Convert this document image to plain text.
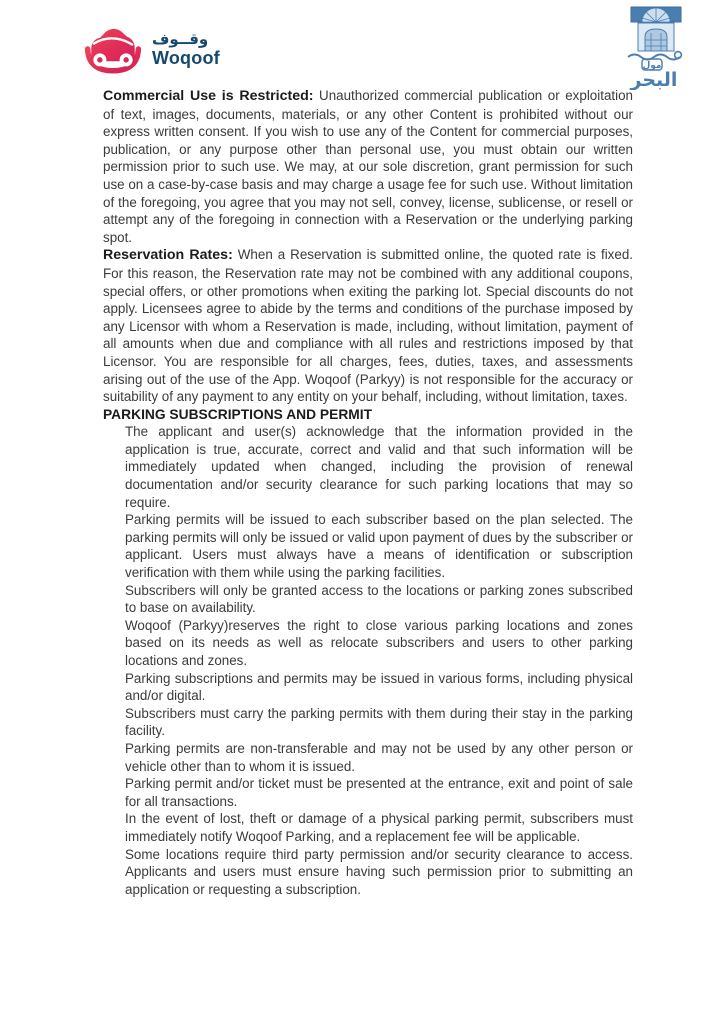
وقــوف
Woqoof	مول
البحر

Commercial Use is Restricted: Unauthorized commercial publication or exploitation of text, images, documents, materials, or any other Content is prohibited without our express written consent. If you wish to use any of the Content for commercial purposes, publication, or any purpose other than personal use, you must obtain our written permission prior to such use. We may, at our sole discretion, grant permission for such use on a case-by-case basis and may charge a usage fee for such use. Without limitation of the foregoing, you agree that you may not sell, convey, license, sublicense, or resell or attempt any of the foregoing in connection with a Reservation or the underlying parking spot.

Reservation Rates: When a Reservation is submitted online, the quoted rate is fixed. For this reason, the Reservation rate may not be combined with any additional coupons, special offers, or other promotions when exiting the parking lot. Special discounts do not apply. Licensees agree to abide by the terms and conditions of the purchase imposed by any Licensor with whom a Reservation is made, including, without limitation, payment of all amounts when due and compliance with all rules and restrictions imposed by that Licensor. You are responsible for all charges, fees, duties, taxes, and assessments arising out of the use of the App. Woqoof (Parkyy) is not responsible for the accuracy or suitability of any payment to any entity on your behalf, including, without limitation, taxes.

PARKING SUBSCRIPTIONS AND PERMIT

The applicant and user(s) acknowledge that the information provided in the application is true, accurate, correct and valid and that such information will be immediately updated when changed, including the provision of renewal documentation and/or security clearance for such parking locations that may so require.

Parking permits will be issued to each subscriber based on the plan selected. The parking permits will only be issued or valid upon payment of dues by the subscriber or applicant. Users must always have a means of identification or subscription verification with them while using the parking facilities.

Subscribers will only be granted access to the locations or parking zones subscribed to base on availability.

Woqoof (Parkyy)reserves the right to close various parking locations and zones based on its needs as well as relocate subscribers and users to other parking locations and zones.

Parking subscriptions and permits may be issued in various forms, including physical and/or digital.

Subscribers must carry the parking permits with them during their stay in the parking facility.

Parking permits are non-transferable and may not be used by any other person or vehicle other than to whom it is issued.

Parking permit and/or ticket must be presented at the entrance, exit and point of sale for all transactions.

In the event of lost, theft or damage of a physical parking permit, subscribers must immediately notify Woqoof Parking, and a replacement fee will be applicable.

Some locations require third party permission and/or security clearance to access. Applicants and users must ensure having such permission prior to submitting an application or requesting a subscription.
